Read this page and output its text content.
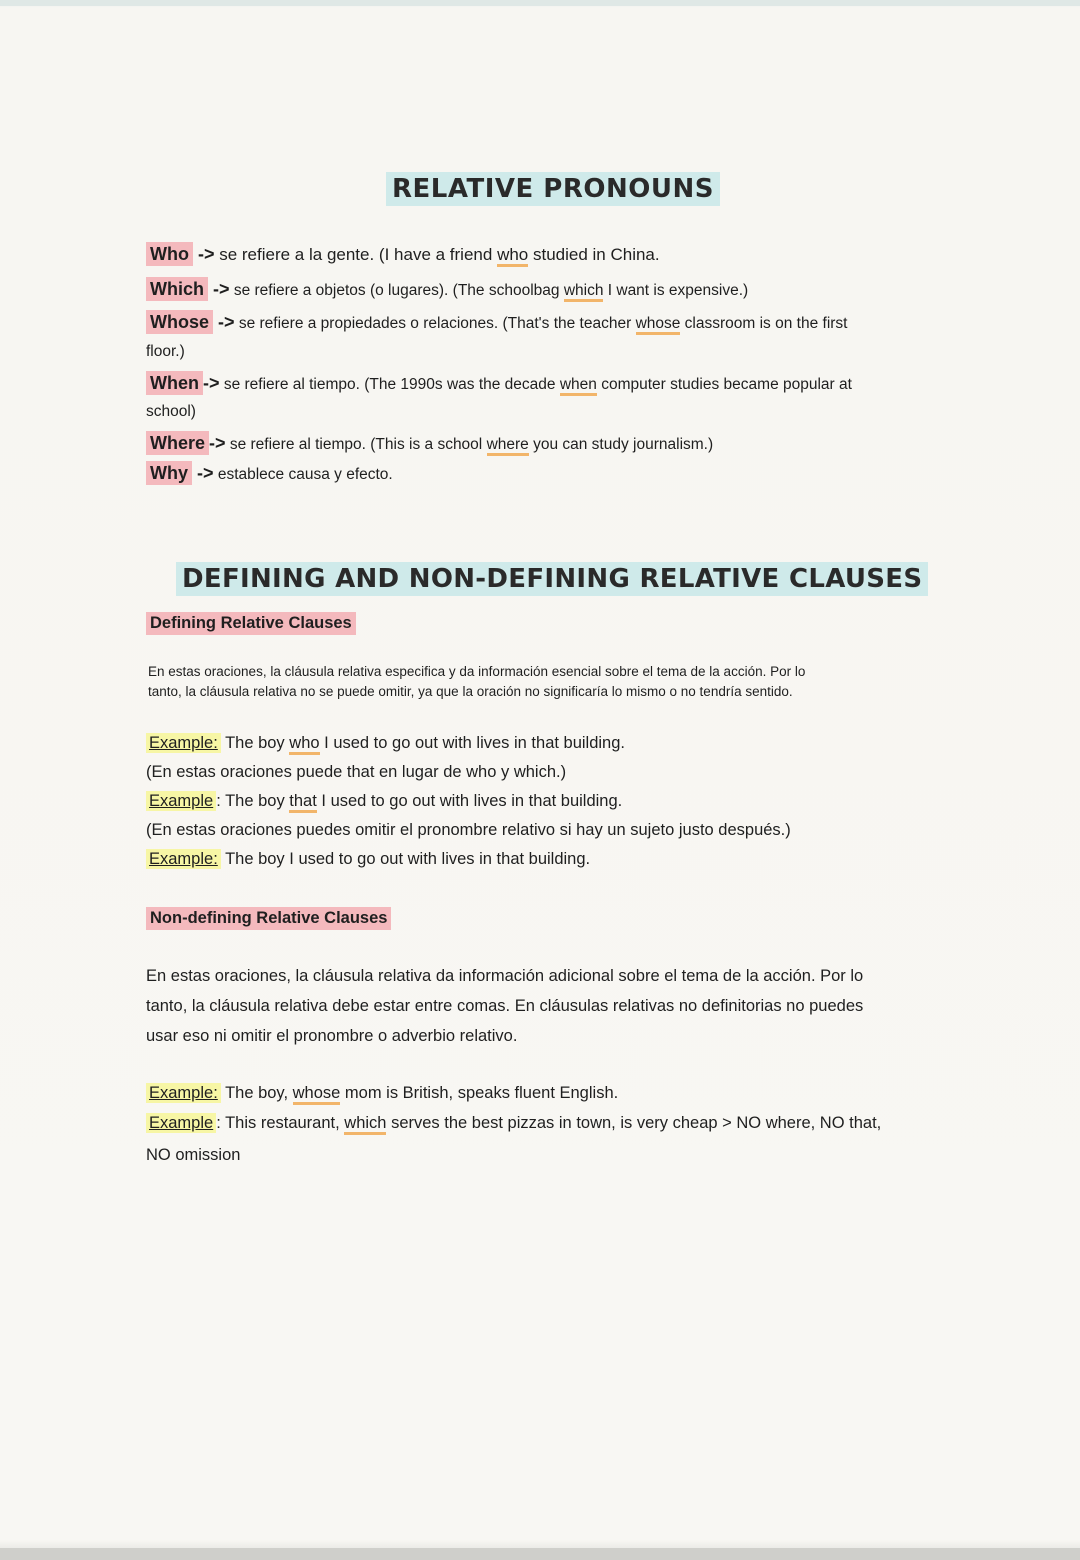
RELATIVE PRONOUNS
Who -> se refiere a la gente. (I have a friend who studied in China.
Which -> se refiere a objetos (o lugares). (The schoolbag which I want is expensive.)
Whose -> se refiere a propiedades o relaciones. (That's the teacher whose classroom is on the first
floor.)
When -> se refiere al tiempo. (The 1990s was the decade when computer studies became popular at
school)
Where -> se refiere al tiempo. (This is a school where you can study journalism.)
Why -> establece causa y efecto.
DEFINING AND NON-DEFINING RELATIVE CLAUSES
Defining Relative Clauses
En estas oraciones, la cláusula relativa especifica y da información esencial sobre el tema de la acción. Por lo
tanto, la cláusula relativa no se puede omitir, ya que la oración no significaría lo mismo o no tendría sentido.
Example: The boy who I used to go out with lives in that building.
(En estas oraciones puede that en lugar de who y which.)
Example : The boy that I used to go out with lives in that building.
(En estas oraciones puedes omitir el pronombre relativo si hay un sujeto justo después.)
Example: The boy I used to go out with lives in that building.
Non-defining Relative Clauses
En estas oraciones, la cláusula relativa da información adicional sobre el tema de la acción. Por lo
tanto, la cláusula relativa debe estar entre comas. En cláusulas relativas no definitorias no puedes
usar eso ni omitir el pronombre o adverbio relativo.
Example: The boy, whose mom is British, speaks fluent English.
Example : This restaurant, which serves the best pizzas in town, is very cheap > NO where, NO that,
NO omission
